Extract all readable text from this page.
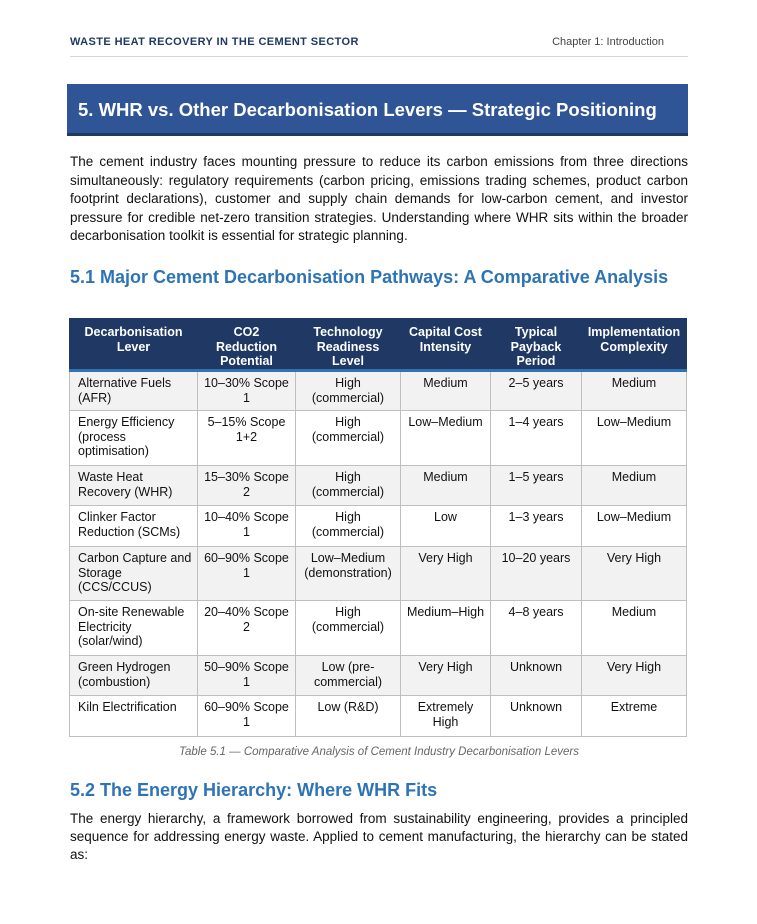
WASTE HEAT RECOVERY IN THE CEMENT SECTOR	Chapter 1: Introduction
5. WHR vs. Other Decarbonisation Levers — Strategic Positioning

The cement industry faces mounting pressure to reduce its carbon emissions from three directions simultaneously: regulatory requirements (carbon pricing, emissions trading schemes, product carbon footprint declarations), customer and supply chain demands for low-carbon cement, and investor pressure for credible net-zero transition strategies. Understanding where WHR sits within the broader decarbonisation toolkit is essential for strategic planning.

5.1 Major Cement Decarbonisation Pathways: A Comparative Analysis
Decarbonisation Lever	CO2 Reduction Potential	Technology Readiness Level	Capital Cost Intensity	Typical Payback Period	Implementation Complexity
Alternative Fuels (AFR)	10–30% Scope 1	High (commercial)	Medium	2–5 years	Medium
Energy Efficiency (process optimisation)	5–15% Scope 1+2	High (commercial)	Low–Medium	1–4 years	Low–Medium
Waste Heat Recovery (WHR)	15–30% Scope 2	High (commercial)	Medium	1–5 years	Medium
Clinker Factor Reduction (SCMs)	10–40% Scope 1	High (commercial)	Low	1–3 years	Low–Medium
Carbon Capture and Storage (CCS/CCUS)	60–90% Scope 1	Low–Medium (demonstration)	Very High	10–20 years	Very High
On-site Renewable Electricity (solar/wind)	20–40% Scope 2	High (commercial)	Medium–High	4–8 years	Medium
Green Hydrogen (combustion)	50–90% Scope 1	Low (pre-commercial)	Very High	Unknown	Very High
Kiln Electrification	60–90% Scope 1	Low (R&D)	Extremely High	Unknown	Extreme
Table 5.1 — Comparative Analysis of Cement Industry Decarbonisation Levers
5.2 The Energy Hierarchy: Where WHR Fits

The energy hierarchy, a framework borrowed from sustainability engineering, provides a principled sequence for addressing energy waste. Applied to cement manufacturing, the hierarchy can be stated as:
